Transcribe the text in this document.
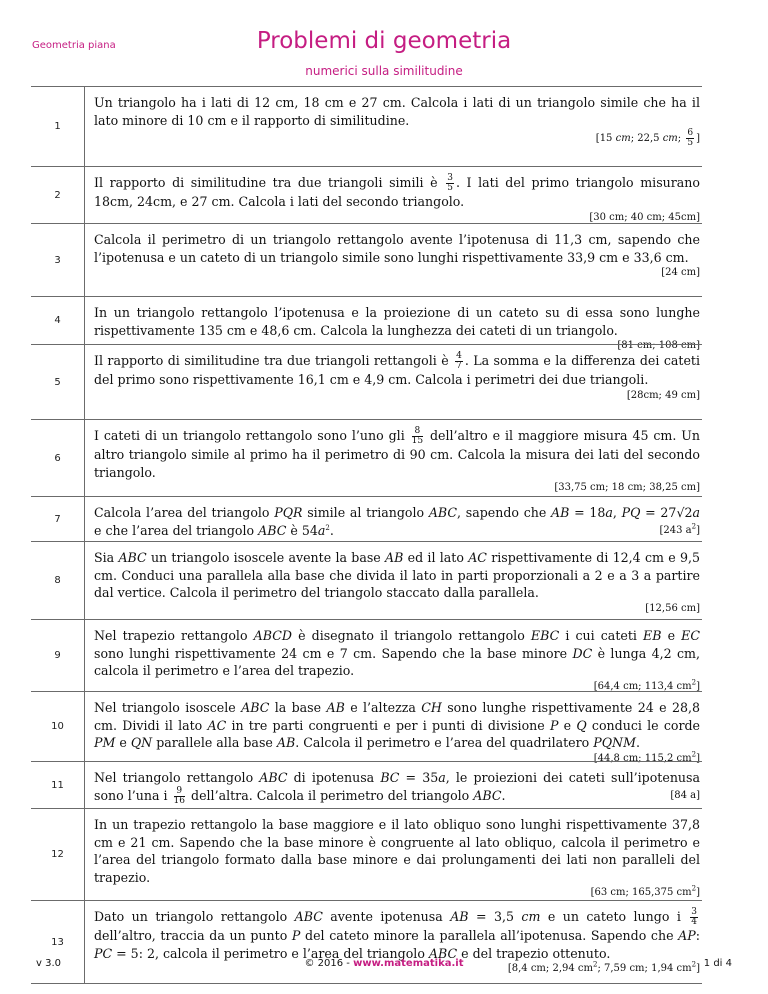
Geometria piana	Problemi di geometria
numerici sulla similitudine
1
Un triangolo ha i lati di 12 cm, 18 cm e 27 cm. Calcola i lati di un triangolo simile che ha il lato minore di 10 cm e il rapporto di similitudine.
[15 cm; 22,5 cm; $\frac{6}{5}$ ]
2
Il rapporto di similitudine tra due triangoli simili è $\frac{3}{5}$ . I lati del primo triangolo misurano 18cm, 24cm, e 27 cm. Calcola i lati del secondo triangolo.
[30 cm; 40 cm; 45cm]
3
Calcola il perimetro di un triangolo rettangolo avente l’ipotenusa di 11,3 cm, sapendo che l’ipotenusa e un cateto di un triangolo simile sono lunghi rispettivamente 33,9 cm e 33,6 cm.
[24 cm]
4
In un triangolo rettangolo l’ipotenusa e la proiezione di un cateto su di essa sono lunghe rispettivamente 135 cm e 48,6 cm. Calcola la lunghezza dei cateti di un triangolo.
[81 cm; 108 cm]
5
Il rapporto di similitudine tra due triangoli rettangoli è $\frac{4}{7}$ . La somma e la differenza dei cateti del primo sono rispettivamente 16,1 cm e 4,9 cm. Calcola i perimetri dei due triangoli.
[28cm; 49 cm]
6
I cateti di un triangolo rettangolo sono l’uno gli $\frac{8}{15}$ dell’altro e il maggiore misura 45 cm. Un altro triangolo simile al primo ha il perimetro di 90 cm. Calcola la misura dei lati del secondo triangolo.
[33,75 cm; 18 cm; 38,25 cm]
7	Calcola l’area del triangolo PQR simile al triangolo ABC, sapendo che AB = 18a, PQ = 27√2a e che l’area del triangolo ABC è $54a^2$.	[243 $a^2$]
8
Sia ABC un triangolo isoscele avente la base AB ed il lato AC rispettivamente di 12,4 cm e 9,5 cm. Conduci una parallela alla base che divida il lato in parti proporzionali a 2 e a 3 a partire dal vertice. Calcola il perimetro del triangolo staccato dalla parallela.
[12,56 cm]
9
Nel trapezio rettangolo ABCD è disegnato il triangolo rettangolo EBC i cui cateti EB e EC sono lunghi rispettivamente 24 cm e 7 cm. Sapendo che la base minore DC è lunga 4,2 cm, calcola il perimetro e l’area del trapezio.
[64,4 cm; 113,4 $cm^2$]
10
Nel triangolo isoscele ABC la base AB e l’altezza CH sono lunghe rispettivamente 24 e 28,8 cm. Dividi il lato AC in tre parti congruenti e per i punti di divisione P e Q conduci le corde PM e QN parallele alla base AB. Calcola il perimetro e l’area del quadrilatero PQNM.
[44,8 cm; 115,2 $cm^2$]
11	Nel triangolo rettangolo ABC di ipotenusa BC = 35a, le proiezioni dei cateti sull’ipotenusa sono l’una i $\frac{9}{16}$ dell’altra. Calcola il perimetro del triangolo ABC.	[84 a]
12
In un trapezio rettangolo la base maggiore e il lato obliquo sono lunghi rispettivamente 37,8 cm e 21 cm. Sapendo che la base minore è congruente al lato obliquo, calcola il perimetro e l’area del triangolo formato dalla base minore e dai prolungamenti dei lati non paralleli del trapezio.
[63 cm; 165,375 $cm^2$]
13
Dato un triangolo rettangolo ABC avente ipotenusa AB = 3,5 cm e un cateto lungo i $\frac{3}{4}$
dell’altro, traccia da un punto P del cateto minore la parallela all’ipotenusa. Sapendo che AP: PC = 5: 2, calcola il perimetro e l’area del triangolo ABC e del trapezio ottenuto.
[8,4 cm; 2,94 $cm^2$; 7,59 cm; 1,94 $cm^2$]
v 3.0	© 2016 - www.matematika.it	1 di 4
